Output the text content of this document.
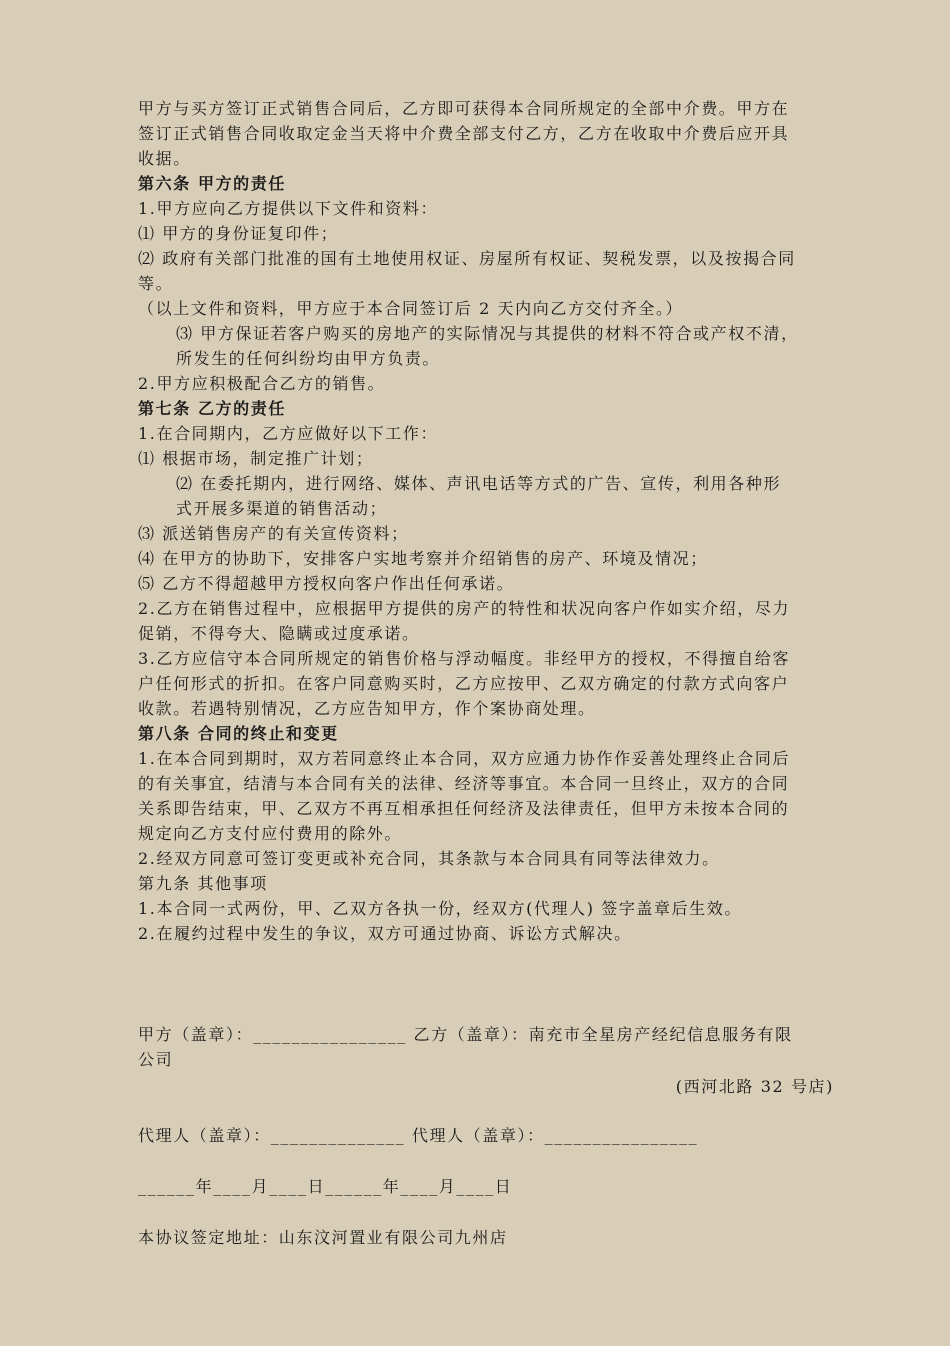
甲方与买方签订正式销售合同后，乙方即可获得本合同所规定的全部中介费。甲方在
签订正式销售合同收取定金当天将中介费全部支付乙方，乙方在收取中介费后应开具
收据。
第六条 甲方的责任
1.甲方应向乙方提供以下文件和资料：
⑴ 甲方的身份证复印件；
⑵ 政府有关部门批准的国有土地使用权证、房屋所有权证、契税发票，以及按揭合同
等。
（以上文件和资料，甲方应于本合同签订后 2 天内向乙方交付齐全。）
⑶ 甲方保证若客户购买的房地产的实际情况与其提供的材料不符合或产权不清，
所发生的任何纠纷均由甲方负责。
2.甲方应积极配合乙方的销售。
第七条 乙方的责任
1.在合同期内，乙方应做好以下工作：
⑴ 根据市场，制定推广计划；
⑵ 在委托期内，进行网络、媒体、声讯电话等方式的广告、宣传，利用各种形
式开展多渠道的销售活动；
⑶ 派送销售房产的有关宣传资料；
⑷ 在甲方的协助下，安排客户实地考察并介绍销售的房产、环境及情况；
⑸ 乙方不得超越甲方授权向客户作出任何承诺。
2.乙方在销售过程中，应根据甲方提供的房产的特性和状况向客户作如实介绍，尽力
促销，不得夸大、隐瞒或过度承诺。
3.乙方应信守本合同所规定的销售价格与浮动幅度。非经甲方的授权，不得擅自给客
户任何形式的折扣。在客户同意购买时，乙方应按甲、乙双方确定的付款方式向客户
收款。若遇特别情况，乙方应告知甲方，作个案协商处理。
第八条 合同的终止和变更
1.在本合同到期时，双方若同意终止本合同，双方应通力协作作妥善处理终止合同后
的有关事宜，结清与本合同有关的法律、经济等事宜。本合同一旦终止，双方的合同
关系即告结束，甲、乙双方不再互相承担任何经济及法律责任，但甲方未按本合同的
规定向乙方支付应付费用的除外。
2.经双方同意可签订变更或补充合同，其条款与本合同具有同等法律效力。
第九条 其他事项
1.本合同一式两份，甲、乙双方各执一份，经双方(代理人) 签字盖章后生效。
2.在履约过程中发生的争议，双方可通过协商、诉讼方式解决。
甲方（盖章）：________________ 乙方（盖章）：南充市全星房产经纪信息服务有限
公司
(西河北路 32 号店)
代理人（盖章）：______________ 代理人（盖章）：________________
______年____月____日______年____月____日
本协议签定地址：山东汶河置业有限公司九州店
